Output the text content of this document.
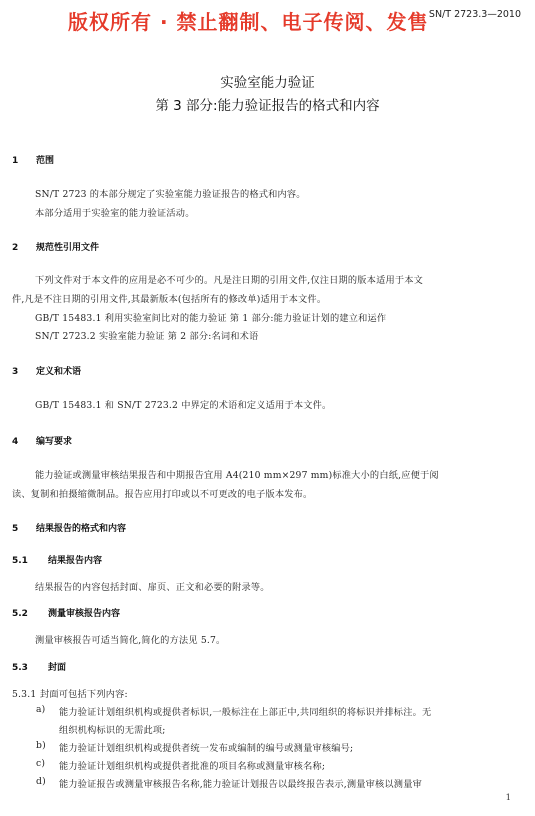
版权所有 · 禁止翻制、电子传阅、发售 SN/T 2723.3—2010
实验室能力验证
第 3 部分:能力验证报告的格式和内容
1 范围
SN/T 2723 的本部分规定了实验室能力验证报告的格式和内容。
本部分适用于实验室的能力验证活动。
2 规范性引用文件
下列文件对于本文件的应用是必不可少的。凡是注日期的引用文件,仅注日期的版本适用于本文
件,凡是不注日期的引用文件,其最新版本(包括所有的修改单)适用于本文件。
GB/T 15483.1 利用实验室间比对的能力验证 第 1 部分:能力验证计划的建立和运作
SN/T 2723.2 实验室能力验证 第 2 部分:名词和术语
3 定义和术语
GB/T 15483.1 和 SN/T 2723.2 中界定的术语和定义适用于本文件。
4 编写要求
能力验证或测量审核结果报告和中期报告宜用 A4(210 mm×297 mm)标准大小的白纸,应便于阅
读、复制和拍摄缩微制品。报告应用打印或以不可更改的电子版本发布。
5 结果报告的格式和内容
5.1 结果报告内容
结果报告的内容包括封面、扉页、正文和必要的附录等。
5.2 测量审核报告内容
测量审核报告可适当简化,简化的方法见 5.7。
5.3 封面
5.3.1 封面可包括下列内容:
a) 能力验证计划组织机构或提供者标识,一般标注在上部正中,共同组织的将标识并排标注。无
组织机构标识的无需此项;
b) 能力验证计划组织机构或提供者统一发布或编制的编号或测量审核编号;
c) 能力验证计划组织机构或提供者批准的项目名称或测量审核名称;
d) 能力验证报告或测量审核报告名称,能力验证计划报告以最终报告表示,测量审核以测量审
1
